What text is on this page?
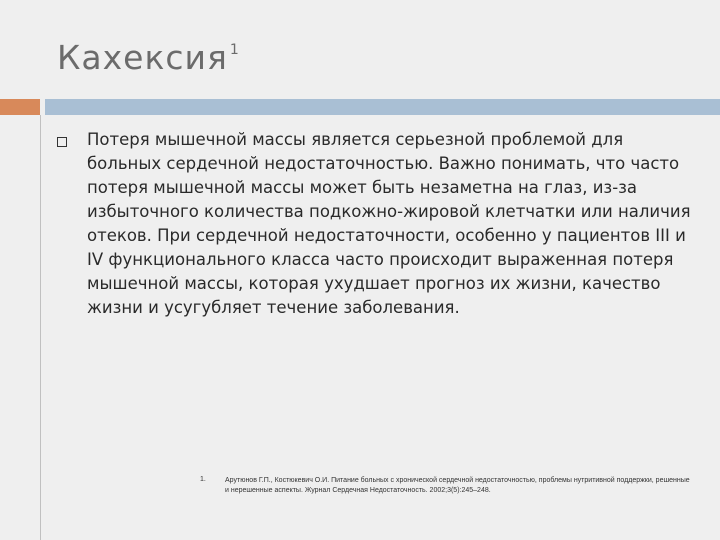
Кахексия $^1$

Потеря мышечной массы является серьезной проблемой для больных сердечной недостаточностью. Важно понимать, что часто потеря мышечной массы может быть незаметна на глаз, из-за избыточного количества подкожно-жировой клетчатки или наличия отеков. При сердечной недостаточности, особенно у пациентов III и IV функционального класса часто происходит выраженная потеря мышечной массы, которая ухудшает прогноз их жизни, качество жизни и усугубляет течение заболевания.

1.	Арутюнов Г.П., Костюкевич О.И. Питание больных с хронической сердечной недостаточностью, проблемы нутритивной поддержки, решенные и нерешенные аспекты. Журнал Сердечная Недостаточность. 2002;3(5):245–248.
